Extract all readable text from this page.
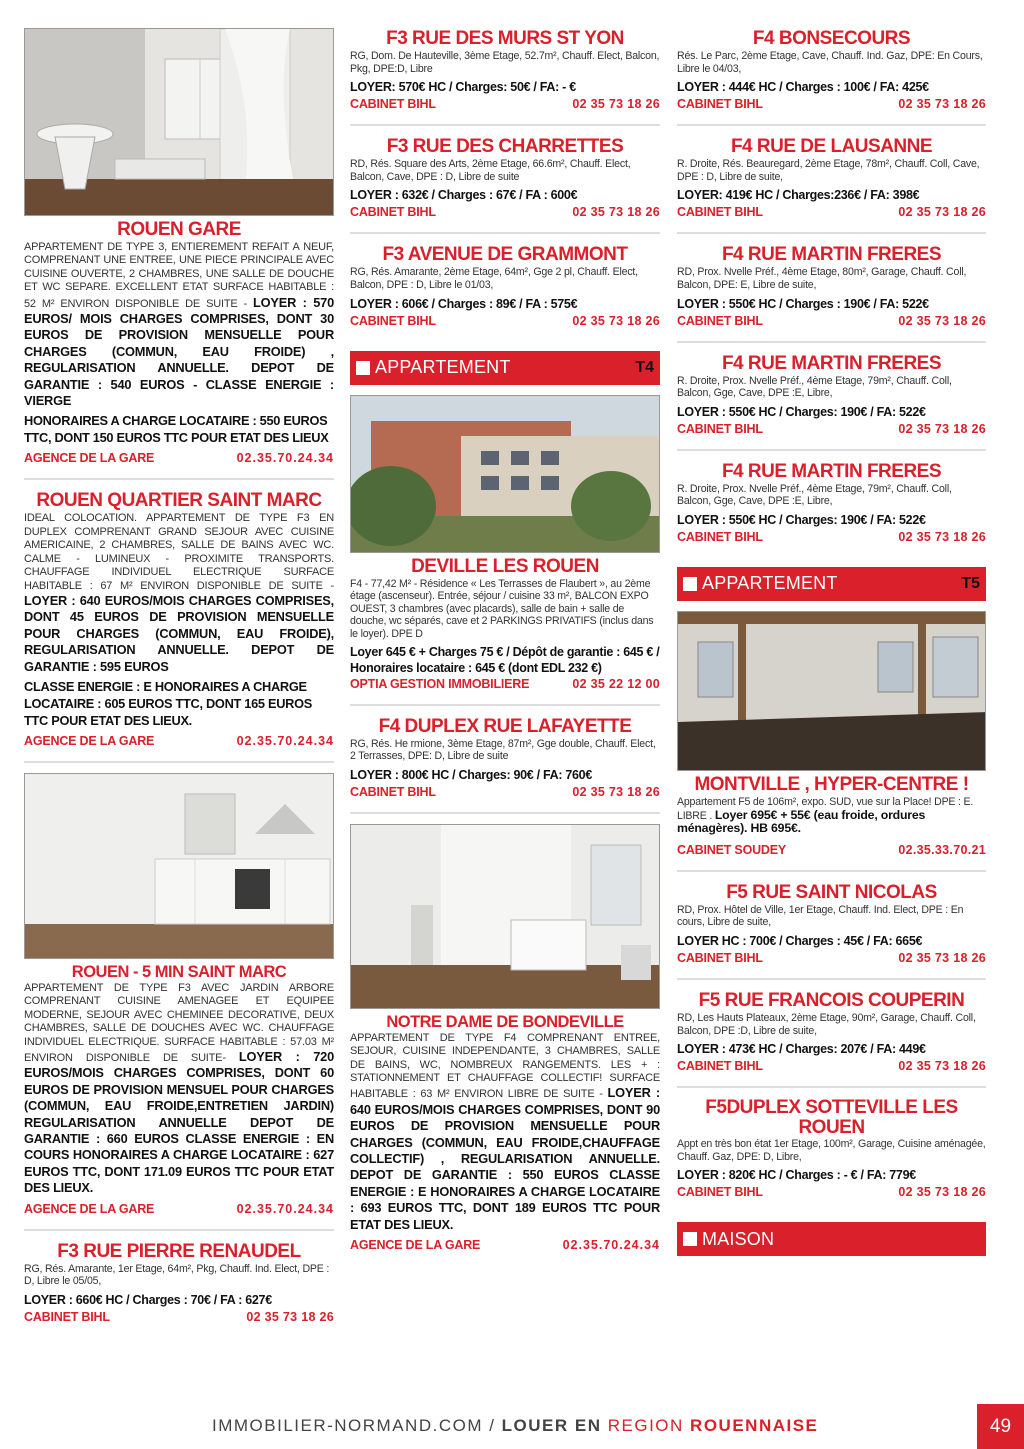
ROUEN GARE
APPARTEMENT DE TYPE 3, ENTIEREMENT REFAIT A NEUF, COMPRENANT UNE ENTREE, UNE PIECE PRINCIPALE AVEC CUISINE OUVERTE, 2 CHAMBRES, UNE SALLE DE DOUCHE ET WC SEPARE. EXCELLENT ETAT SURFACE HABITABLE : 52 M² ENVIRON DISPONIBLE DE SUITE - LOYER : 570 EUROS/ MOIS CHARGES COMPRISES, DONT 30 EUROS DE PROVISION MENSUELLE POUR CHARGES (COMMUN, EAU FROIDE) , REGULARISATION ANNUELLE. DEPOT DE GARANTIE : 540 EUROS - CLASSE ENERGIE : VIERGE
HONORAIRES A CHARGE LOCATAIRE : 550 EUROS TTC, DONT 150 EUROS TTC POUR ETAT DES LIEUX
AGENCE DE LA GARE	02.35.70.24.34
ROUEN QUARTIER SAINT MARC
IDEAL COLOCATION. APPARTEMENT DE TYPE F3 EN DUPLEX COMPRENANT GRAND SEJOUR AVEC CUISINE AMERICAINE, 2 CHAMBRES, SALLE DE BAINS AVEC WC. CALME - LUMINEUX - PROXIMITE TRANSPORTS. CHAUFFAGE INDIVIDUEL ELECTRIQUE SURFACE HABITABLE : 67 M² ENVIRON DISPONIBLE DE SUITE - LOYER : 640 EUROS/MOIS CHARGES COMPRISES, DONT 45 EUROS DE PROVISION MENSUELLE POUR CHARGES (COMMUN, EAU FROIDE), REGULARISATION ANNUELLE. DEPOT DE GARANTIE : 595 EUROS
CLASSE ENERGIE : E HONORAIRES A CHARGE LOCATAIRE : 605 EUROS TTC, DONT 165 EUROS TTC POUR ETAT DES LIEUX.
AGENCE DE LA GARE	02.35.70.24.34
ROUEN - 5 MIN SAINT MARC
APPARTEMENT DE TYPE F3 AVEC JARDIN ARBORE COMPRENANT CUISINE AMENAGEE ET EQUIPEE MODERNE, SEJOUR AVEC CHEMINEE DECORATIVE, DEUX CHAMBRES, SALLE DE DOUCHES AVEC WC. CHAUFFAGE INDIVIDUEL ELECTRIQUE. SURFACE HABITABLE : 57.03 M² ENVIRON DISPONIBLE DE SUITE- LOYER : 720 EUROS/MOIS CHARGES COMPRISES, DONT 60 EUROS DE PROVISION MENSUEL POUR CHARGES (COMMUN, EAU FROIDE,ENTRETIEN JARDIN) REGULARISATION ANNUELLE DEPOT DE GARANTIE : 660 EUROS CLASSE ENERGIE : EN COURS HONORAIRES A CHARGE LOCATAIRE : 627 EUROS TTC, DONT 171.09 EUROS TTC POUR ETAT DES LIEUX.
AGENCE DE LA GARE	02.35.70.24.34
F3 RUE PIERRE RENAUDEL
RG, Rés. Amarante, 1er Etage, 64m², Pkg, Chauff. Ind. Elect, DPE : D, Libre le 05/05,
LOYER : 660€ HC / Charges : 70€ / FA : 627€
CABINET BIHL	02 35 73 18 26
F3 RUE DES MURS ST YON
RG, Dom. De Hauteville, 3ème Etage, 52.7m², Chauff. Elect, Balcon, Pkg, DPE:D, Libre
LOYER: 570€ HC / Charges: 50€ / FA: - €
CABINET BIHL	02 35 73 18 26
F3 RUE DES CHARRETTES
RD, Rés. Square des Arts, 2ème Etage, 66.6m², Chauff. Elect, Balcon, Cave, DPE : D, Libre de suite
LOYER : 632€ / Charges : 67€ / FA : 600€
CABINET BIHL	02 35 73 18 26
F3 AVENUE DE GRAMMONT
RG, Rés. Amarante, 2ème Etage, 64m², Gge 2 pl, Chauff. Elect, Balcon, DPE : D, Libre le 01/03,
LOYER : 606€ / Charges : 89€ / FA : 575€
CABINET BIHL	02 35 73 18 26
APPARTEMENT	T4
DEVILLE LES ROUEN
F4 - 77,42 M² - Résidence « Les Terrasses de Flaubert », au 2ème étage (ascenseur). Entrée, séjour / cuisine 33 m², BALCON EXPO OUEST, 3 chambres (avec placards), salle de bain + salle de douche, wc séparés, cave et 2 PARKINGS PRIVATIFS (inclus dans le loyer). DPE D
Loyer 645 € + Charges 75 € / Dépôt de garantie : 645 € / Honoraires locataire : 645 € (dont EDL 232 €)
OPTIA GESTION IMMOBILIERE	02 35 22 12 00
F4 DUPLEX RUE LAFAYETTE
RG, Rés. He rmione, 3ème Etage, 87m², Gge double, Chauff. Elect, 2 Terrasses, DPE: D, Libre de suite
LOYER : 800€ HC / Charges: 90€ / FA: 760€
CABINET BIHL	02 35 73 18 26
NOTRE DAME DE BONDEVILLE
APPARTEMENT DE TYPE F4 COMPRENANT ENTREE, SEJOUR, CUISINE INDEPENDANTE, 3 CHAMBRES, SALLE DE BAINS, WC, NOMBREUX RANGEMENTS. LES + : STATIONNEMENT ET CHAUFFAGE COLLECTIF! SURFACE HABITABLE : 63 M² ENVIRON LIBRE DE SUITE - LOYER : 640 EUROS/MOIS CHARGES COMPRISES, DONT 90 EUROS DE PROVISION MENSUELLE POUR CHARGES (COMMUN, EAU FROIDE,CHAUFFAGE COLLECTIF) , REGULARISATION ANNUELLE. DEPOT DE GARANTIE : 550 EUROS CLASSE ENERGIE : E HONORAIRES A CHARGE LOCATAIRE : 693 EUROS TTC, DONT 189 EUROS TTC POUR ETAT DES LIEUX.
AGENCE DE LA GARE	02.35.70.24.34
F4 BONSECOURS
Rés. Le Parc, 2ème Etage, Cave, Chauff. Ind. Gaz, DPE: En Cours, Libre le 04/03,
LOYER : 444€ HC / Charges : 100€ / FA: 425€
CABINET BIHL	02 35 73 18 26
F4 RUE DE LAUSANNE
R. Droite, Rés. Beauregard, 2ème Etage, 78m², Chauff. Coll, Cave, DPE : D, Libre de suite,
LOYER: 419€ HC / Charges:236€ / FA: 398€
CABINET BIHL	02 35 73 18 26
F4 RUE MARTIN FRERES
RD, Prox. Nvelle Préf., 4ème Etage, 80m², Garage, Chauff. Coll, Balcon, DPE: E, Libre de suite,
LOYER : 550€ HC / Charges : 190€ / FA: 522€
CABINET BIHL	02 35 73 18 26
F4 RUE MARTIN FRERES
R. Droite, Prox. Nvelle Préf., 4ème Etage, 79m², Chauff. Coll, Balcon, Gge, Cave, DPE :E, Libre,
LOYER : 550€ HC / Charges: 190€ / FA: 522€
CABINET BIHL	02 35 73 18 26
F4 RUE MARTIN FRERES
R. Droite, Prox. Nvelle Préf., 4ème Etage, 79m², Chauff. Coll, Balcon, Gge, Cave, DPE :E, Libre,
LOYER : 550€ HC / Charges: 190€ / FA: 522€
CABINET BIHL	02 35 73 18 26
APPARTEMENT	T5
MONTVILLE , HYPER-CENTRE !
Appartement F5 de 106m², expo. SUD, vue sur la Place! DPE : E. LIBRE . Loyer 695€ + 55€ (eau froide, ordures ménagères). HB 695€.
CABINET SOUDEY	02.35.33.70.21
F5 RUE SAINT NICOLAS
RD, Prox. Hôtel de Ville, 1er Etage, Chauff. Ind. Elect, DPE : En cours, Libre de suite,
LOYER HC : 700€ / Charges : 45€ / FA: 665€
CABINET BIHL	02 35 73 18 26
F5 RUE FRANCOIS COUPERIN
RD, Les Hauts Plateaux, 2ème Etage, 90m², Garage, Chauff. Coll, Balcon, DPE :D, Libre de suite,
LOYER : 473€ HC / Charges: 207€ / FA: 449€
CABINET BIHL	02 35 73 18 26
F5DUPLEX SOTTEVILLE LES ROUEN
Appt en très bon état 1er Etage, 100m², Garage, Cuisine aménagée, Chauff. Gaz, DPE: D, Libre,
LOYER : 820€ HC / Charges : - € / FA: 779€
CABINET BIHL	02 35 73 18 26
MAISON
IMMOBILIER-NORMAND.COM / LOUER EN REGION ROUENNAISE	49
